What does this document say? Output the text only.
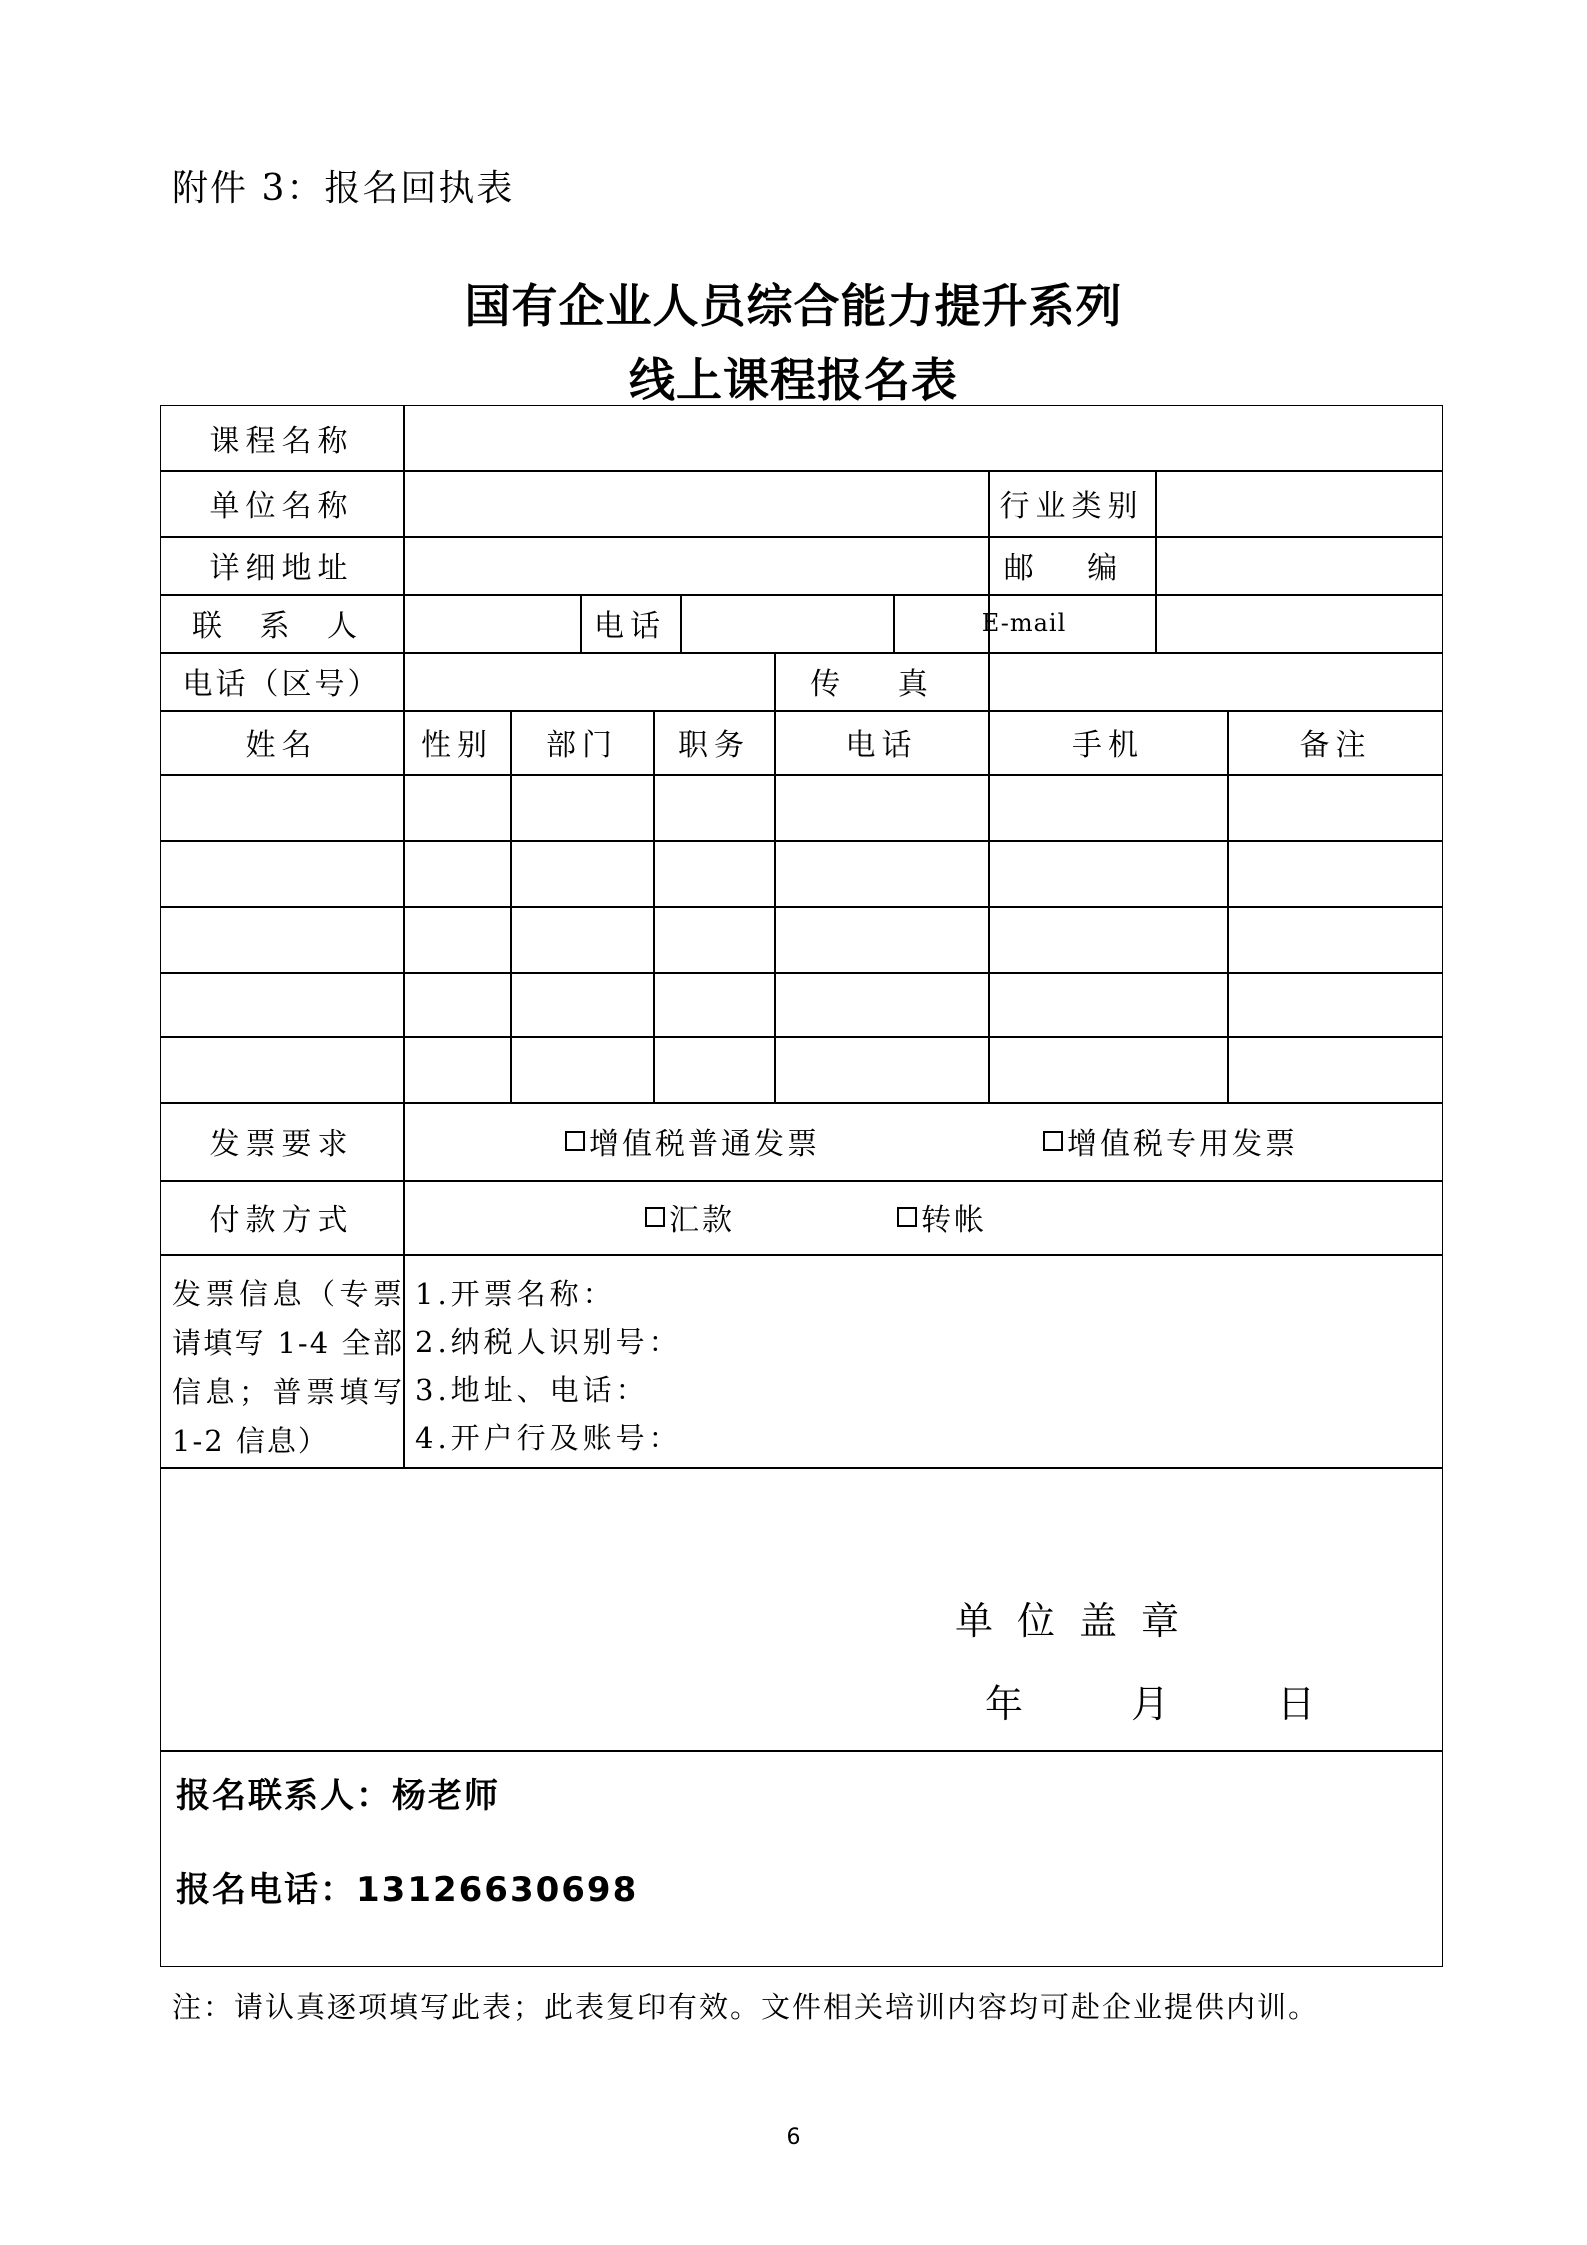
附件 3：报名回执表
国有企业人员综合能力提升系列
线上课程报名表
课程名称
单位名称	行业类别
详细地址	邮 编
联 系 人	电话	E-mail
电话（区号）	传 真
姓名	性别	部门	职务	电话	手机	备注
发票要求	增值税普通发票	增值税专用发票
付款方式	汇款	转帐
发票信息（专票请填写 1-4 全部信息；普票填写 1-2 信息）
1.开票名称：
2.纳税人识别号：
3.地址、电话：
4.开户行及账号：
单位盖章
年 月 日
报名联系人：杨老师
报名电话：13126630698
注：请认真逐项填写此表；此表复印有效。文件相关培训内容均可赴企业提供内训。
6
